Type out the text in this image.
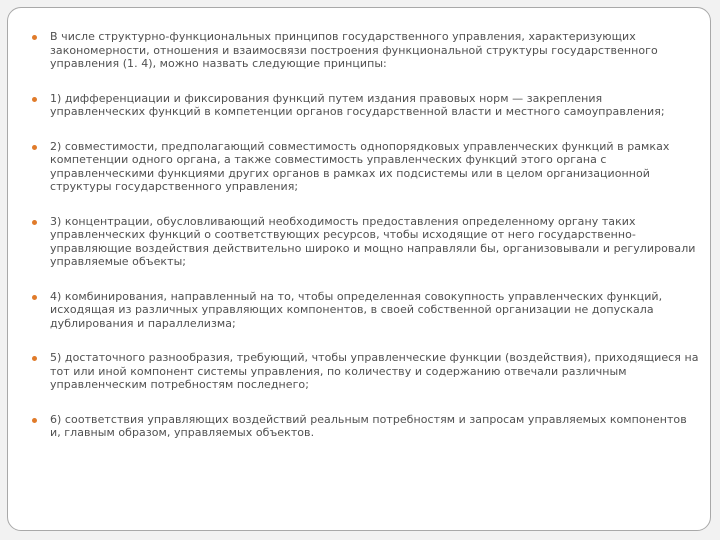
В числе структурно-функциональных принципов государственного управления, характеризующих закономерности, отношения и взаимосвязи построения функциональной структуры государственного управления (1. 4), можно назвать следующие принципы:
1) дифференциации и фиксирования функций путем издания правовых норм — закрепления управленческих функций в компетенции органов государственной власти и местного самоуправления;
2) совместимости, предполагающий совместимость однопорядковых управленческих функций в рамках компетенции одного органа, а также совместимость управленческих функций этого органа с управленческими функциями других органов в рамках их подсистемы или в целом организационной структуры государственного управления;
3) концентрации, обусловливающий необходимость предоставления определенному органу таких управленческих функций о соответствующих ресурсов, чтобы исходящие от него государственно-управляющие воздействия действительно широко и мощно направляли бы, организовывали и регулировали управляемые объекты;
4) комбинирования, направленный на то, чтобы определенная совокупность управленческих функций, исходящая из различных управляющих компонентов, в своей собственной организации не допускала дублирования и параллелизма;
5) достаточного разнообразия, требующий, чтобы управленческие функции (воздействия), приходящиеся на тот или иной компонент системы управления, по количеству и содержанию отвечали различным управленческим потребностям последнего;
6) соответствия управляющих воздействий реальным потребностям и запросам управляемых компонентов и, главным образом, управляемых объектов.
